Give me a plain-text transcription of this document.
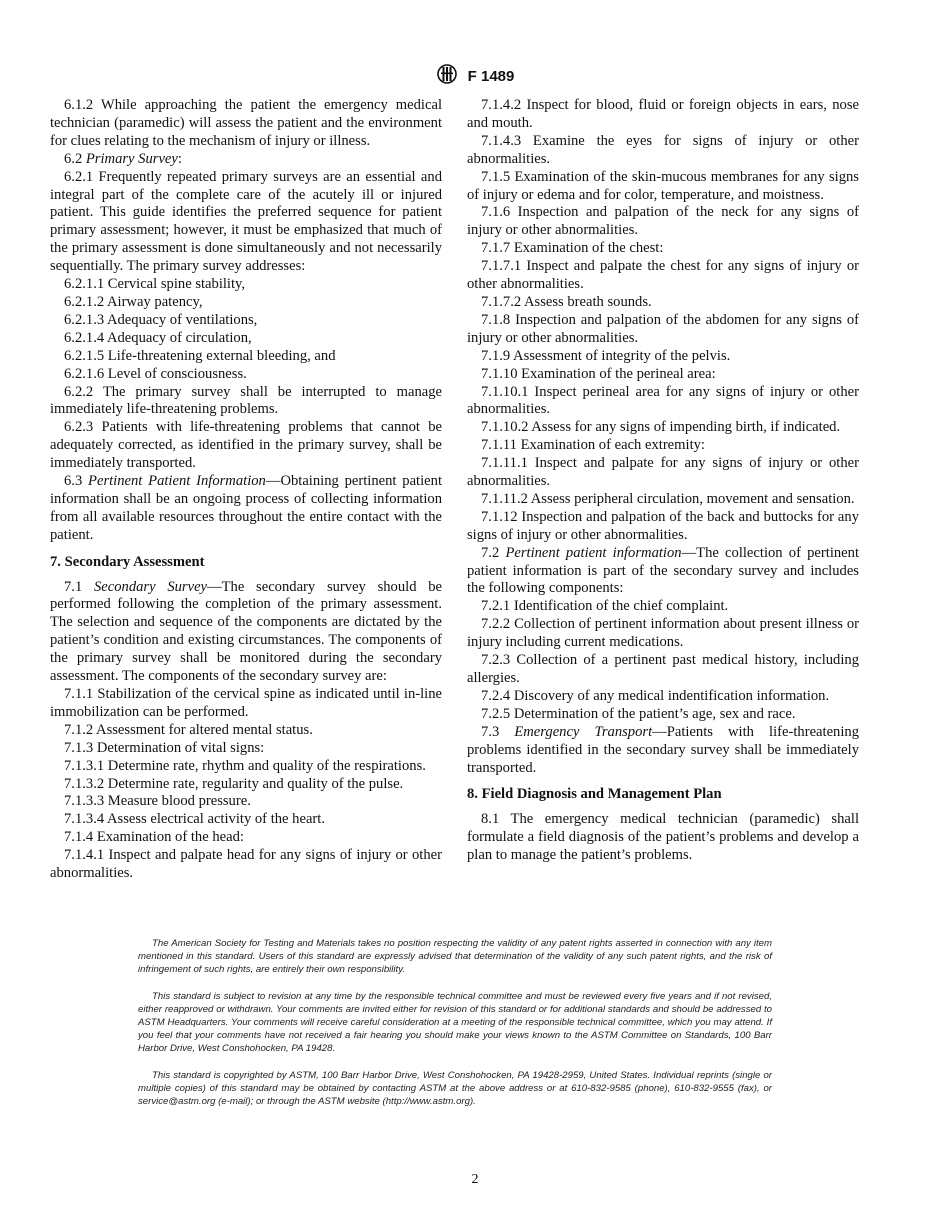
F 1489

6.1.2 While approaching the patient the emergency medical technician (paramedic) will assess the patient and the environment for clues relating to the mechanism of injury or illness.

6.2 Primary Survey:

6.2.1 Frequently repeated primary surveys are an essential and integral part of the complete care of the acutely ill or injured patient. This guide identifies the preferred sequence for patient primary assessment; however, it must be emphasized that much of the primary assessment is done simultaneously and not necessarily sequentially. The primary survey addresses:

6.2.1.1 Cervical spine stability,

6.2.1.2 Airway patency,

6.2.1.3 Adequacy of ventilations,

6.2.1.4 Adequacy of circulation,

6.2.1.5 Life-threatening external bleeding, and

6.2.1.6 Level of consciousness.

6.2.2 The primary survey shall be interrupted to manage immediately life-threatening problems.

6.2.3 Patients with life-threatening problems that cannot be adequately corrected, as identified in the primary survey, shall be immediately transported.

6.3 Pertinent Patient Information—Obtaining pertinent patient information shall be an ongoing process of collecting information from all available resources throughout the entire contact with the patient.

7. Secondary Assessment

7.1 Secondary Survey—The secondary survey should be performed following the completion of the primary assessment. The selection and sequence of the components are dictated by the patient’s condition and existing circumstances. The components of the primary survey shall be monitored during the secondary assessment. The components of the secondary survey are:

7.1.1 Stabilization of the cervical spine as indicated until in-line immobilization can be performed.

7.1.2 Assessment for altered mental status.

7.1.3 Determination of vital signs:

7.1.3.1 Determine rate, rhythm and quality of the respirations.

7.1.3.2 Determine rate, regularity and quality of the pulse.

7.1.3.3 Measure blood pressure.

7.1.3.4 Assess electrical activity of the heart.

7.1.4 Examination of the head:

7.1.4.1 Inspect and palpate head for any signs of injury or other abnormalities.

7.1.4.2 Inspect for blood, fluid or foreign objects in ears, nose and mouth.

7.1.4.3 Examine the eyes for signs of injury or other abnormalities.

7.1.5 Examination of the skin-mucous membranes for any signs of injury or edema and for color, temperature, and moistness.

7.1.6 Inspection and palpation of the neck for any signs of injury or other abnormalities.

7.1.7 Examination of the chest:

7.1.7.1 Inspect and palpate the chest for any signs of injury or other abnormalities.

7.1.7.2 Assess breath sounds.

7.1.8 Inspection and palpation of the abdomen for any signs of injury or other abnormalities.

7.1.9 Assessment of integrity of the pelvis.

7.1.10 Examination of the perineal area:

7.1.10.1 Inspect perineal area for any signs of injury or other abnormalities.

7.1.10.2 Assess for any signs of impending birth, if indicated.

7.1.11 Examination of each extremity:

7.1.11.1 Inspect and palpate for any signs of injury or other abnormalities.

7.1.11.2 Assess peripheral circulation, movement and sensation.

7.1.12 Inspection and palpation of the back and buttocks for any signs of injury or other abnormalities.

7.2 Pertinent patient information—The collection of pertinent patient information is part of the secondary survey and includes the following components:

7.2.1 Identification of the chief complaint.

7.2.2 Collection of pertinent information about present illness or injury including current medications.

7.2.3 Collection of a pertinent past medical history, including allergies.

7.2.4 Discovery of any medical indentification information.

7.2.5 Determination of the patient’s age, sex and race.

7.3 Emergency Transport—Patients with life-threatening problems identified in the secondary survey shall be immediately transported.

8. Field Diagnosis and Management Plan

8.1 The emergency medical technician (paramedic) shall formulate a field diagnosis of the patient’s problems and develop a plan to manage the patient’s problems.

The American Society for Testing and Materials takes no position respecting the validity of any patent rights asserted in connection with any item mentioned in this standard. Users of this standard are expressly advised that determination of the validity of any such patent rights, and the risk of infringement of such rights, are entirely their own responsibility.

This standard is subject to revision at any time by the responsible technical committee and must be reviewed every five years and if not revised, either reapproved or withdrawn. Your comments are invited either for revision of this standard or for additional standards and should be addressed to ASTM Headquarters. Your comments will receive careful consideration at a meeting of the responsible technical committee, which you may attend. If you feel that your comments have not received a fair hearing you should make your views known to the ASTM Committee on Standards, 100 Barr Harbor Drive, West Conshohocken, PA 19428.

This standard is copyrighted by ASTM, 100 Barr Harbor Drive, West Conshohocken, PA 19428-2959, United States. Individual reprints (single or multiple copies) of this standard may be obtained by contacting ASTM at the above address or at 610-832-9585 (phone), 610-832-9555 (fax), or service@astm.org (e-mail); or through the ASTM website (http://www.astm.org).

2
